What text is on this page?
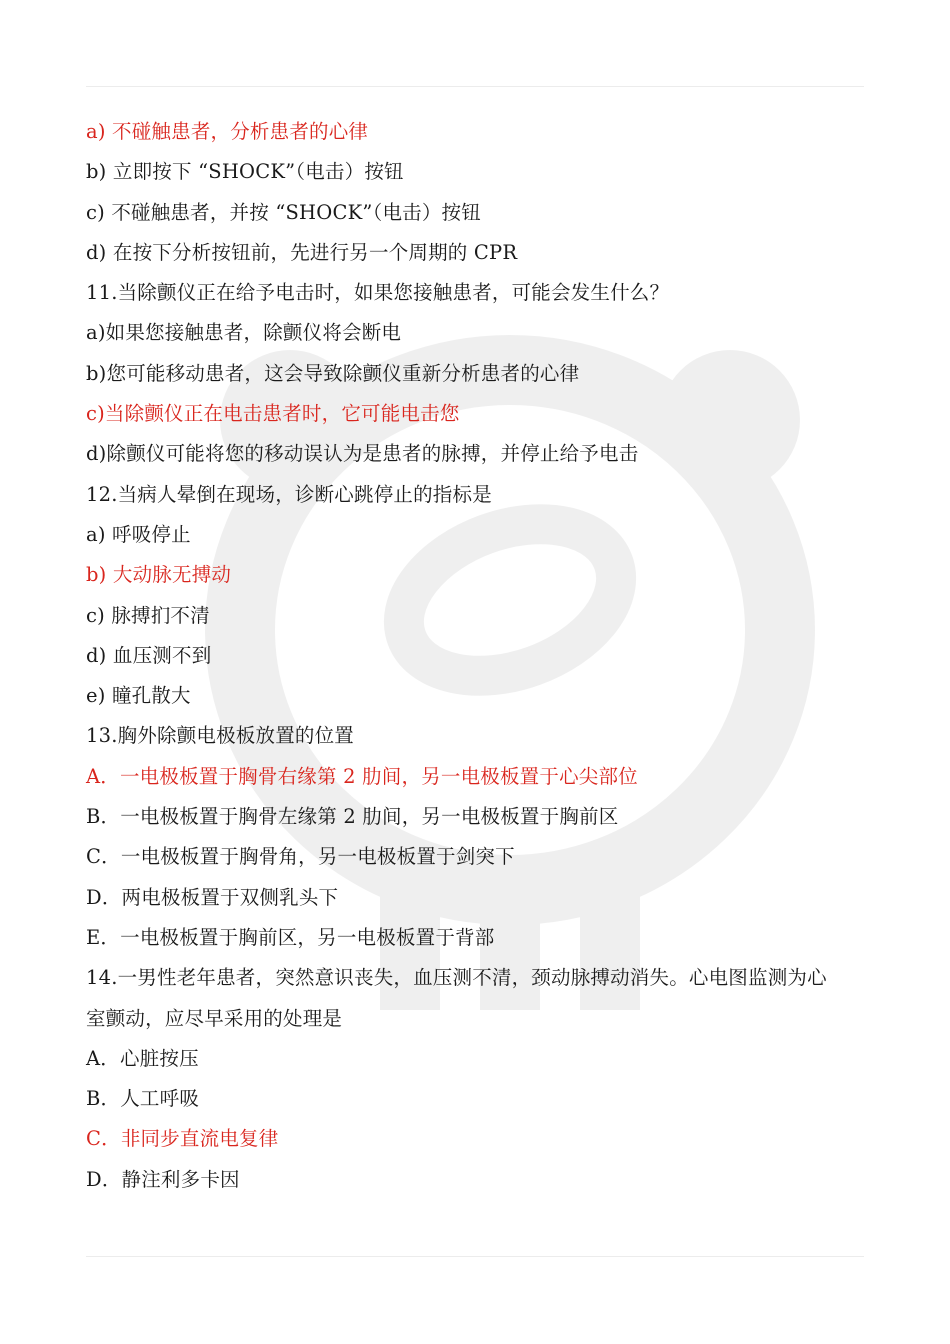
a) 不碰触患者，分析患者的心律
b) 立即按下 “SHOCK”（电击）按钮
c) 不碰触患者，并按 “SHOCK”（电击）按钮
d) 在按下分析按钮前，先进行另一个周期的 CPR
11.当除颤仪正在给予电击时，如果您接触患者，可能会发生什么？
a)如果您接触患者，除颤仪将会断电
b)您可能移动患者，这会导致除颤仪重新分析患者的心律
c)当除颤仪正在电击患者时，它可能电击您
d)除颤仪可能将您的移动误认为是患者的脉搏，并停止给予电击
12.当病人晕倒在现场，诊断心跳停止的指标是
a) 呼吸停止
b) 大动脉无搏动
c) 脉搏扪不清
d) 血压测不到
e) 瞳孔散大
13.胸外除颤电极板放置的位置
A．一电极板置于胸骨右缘第 2 肋间，另一电极板置于心尖部位
B．一电极板置于胸骨左缘第 2 肋间，另一电极板置于胸前区
C．一电极板置于胸骨角，另一电极板置于剑突下
D．两电极板置于双侧乳头下
E．一电极板置于胸前区，另一电极板置于背部
14.一男性老年患者，突然意识丧失，血压测不清，颈动脉搏动消失。心电图监测为心
室颤动，应尽早采用的处理是
A．心脏按压
B．人工呼吸
C．非同步直流电复律
D．静注利多卡因
